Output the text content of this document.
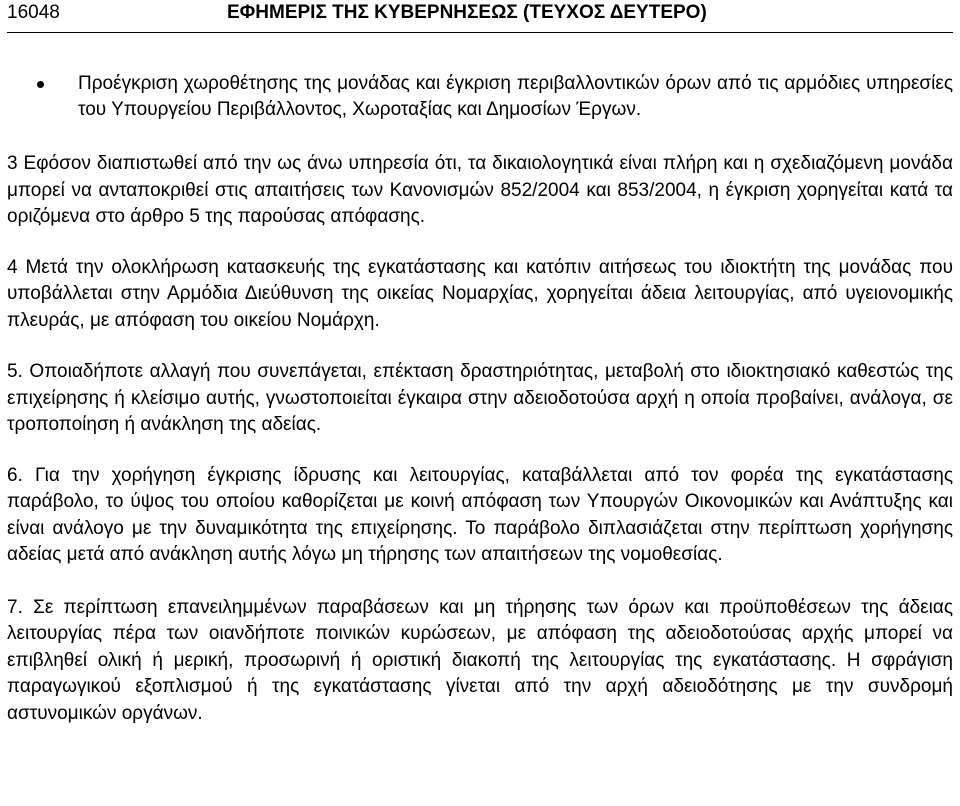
16048	ΕΦΗΜΕΡΙΣ ΤΗΣ ΚΥΒΕΡΝΗΣΕΩΣ (ΤΕΥΧΟΣ ΔΕΥΤΕΡΟ)
Προέγκριση χωροθέτησης της μονάδας και έγκριση περιβαλλοντικών όρων από τις αρμόδιες υπηρεσίες του Υπουργείου Περιβάλλοντος, Χωροταξίας και Δημοσίων Έργων.

3 Εφόσον διαπιστωθεί από την ως άνω υπηρεσία ότι, τα δικαιολογητικά είναι πλήρη και η σχεδιαζόμενη μονάδα μπορεί να ανταποκριθεί στις απαιτήσεις των Κανονισμών 852/2004 και 853/2004, η έγκριση χορηγείται κατά τα οριζόμενα στο άρθρο 5 της παρούσας απόφασης.

4 Μετά την ολοκλήρωση κατασκευής της εγκατάστασης και κατόπιν αιτήσεως του ιδιοκτήτη της μονάδας που υποβάλλεται στην Αρμόδια Διεύθυνση της οικείας Νομαρχίας, χορηγείται άδεια λειτουργίας, από υγειονομικής πλευράς, με απόφαση του οικείου Νομάρχη.

5. Οποιαδήποτε αλλαγή που συνεπάγεται, επέκταση δραστηριότητας, μεταβολή στο ιδιοκτησιακό καθεστώς της επιχείρησης ή κλείσιμο αυτής, γνωστοποιείται έγκαιρα στην αδειοδοτούσα αρχή η οποία προβαίνει, ανάλογα, σε τροποποίηση ή ανάκληση της αδείας.

6. Για την χορήγηση έγκρισης ίδρυσης και λειτουργίας, καταβάλλεται από τον φορέα της εγκατάστασης παράβολο, το ύψος του οποίου καθορίζεται με κοινή απόφαση των Υπουργών Οικονομικών και Ανάπτυξης και είναι ανάλογο με την δυναμικότητα της επιχείρησης. Το παράβολο διπλασιάζεται στην περίπτωση χορήγησης αδείας μετά από ανάκληση αυτής λόγω μη τήρησης των απαιτήσεων της νομοθεσίας.

7. Σε περίπτωση επανειλημμένων παραβάσεων και μη τήρησης των όρων και προϋποθέσεων της άδειας λειτουργίας πέρα των οιανδήποτε ποινικών κυρώσεων, με απόφαση της αδειοδοτούσας αρχής μπορεί να επιβληθεί ολική ή μερική, προσωρινή ή οριστική διακοπή της λειτουργίας της εγκατάστασης. Η σφράγιση παραγωγικού εξοπλισμού ή της εγκατάστασης γίνεται από την αρχή αδειοδότησης με την συνδρομή αστυνομικών οργάνων.
